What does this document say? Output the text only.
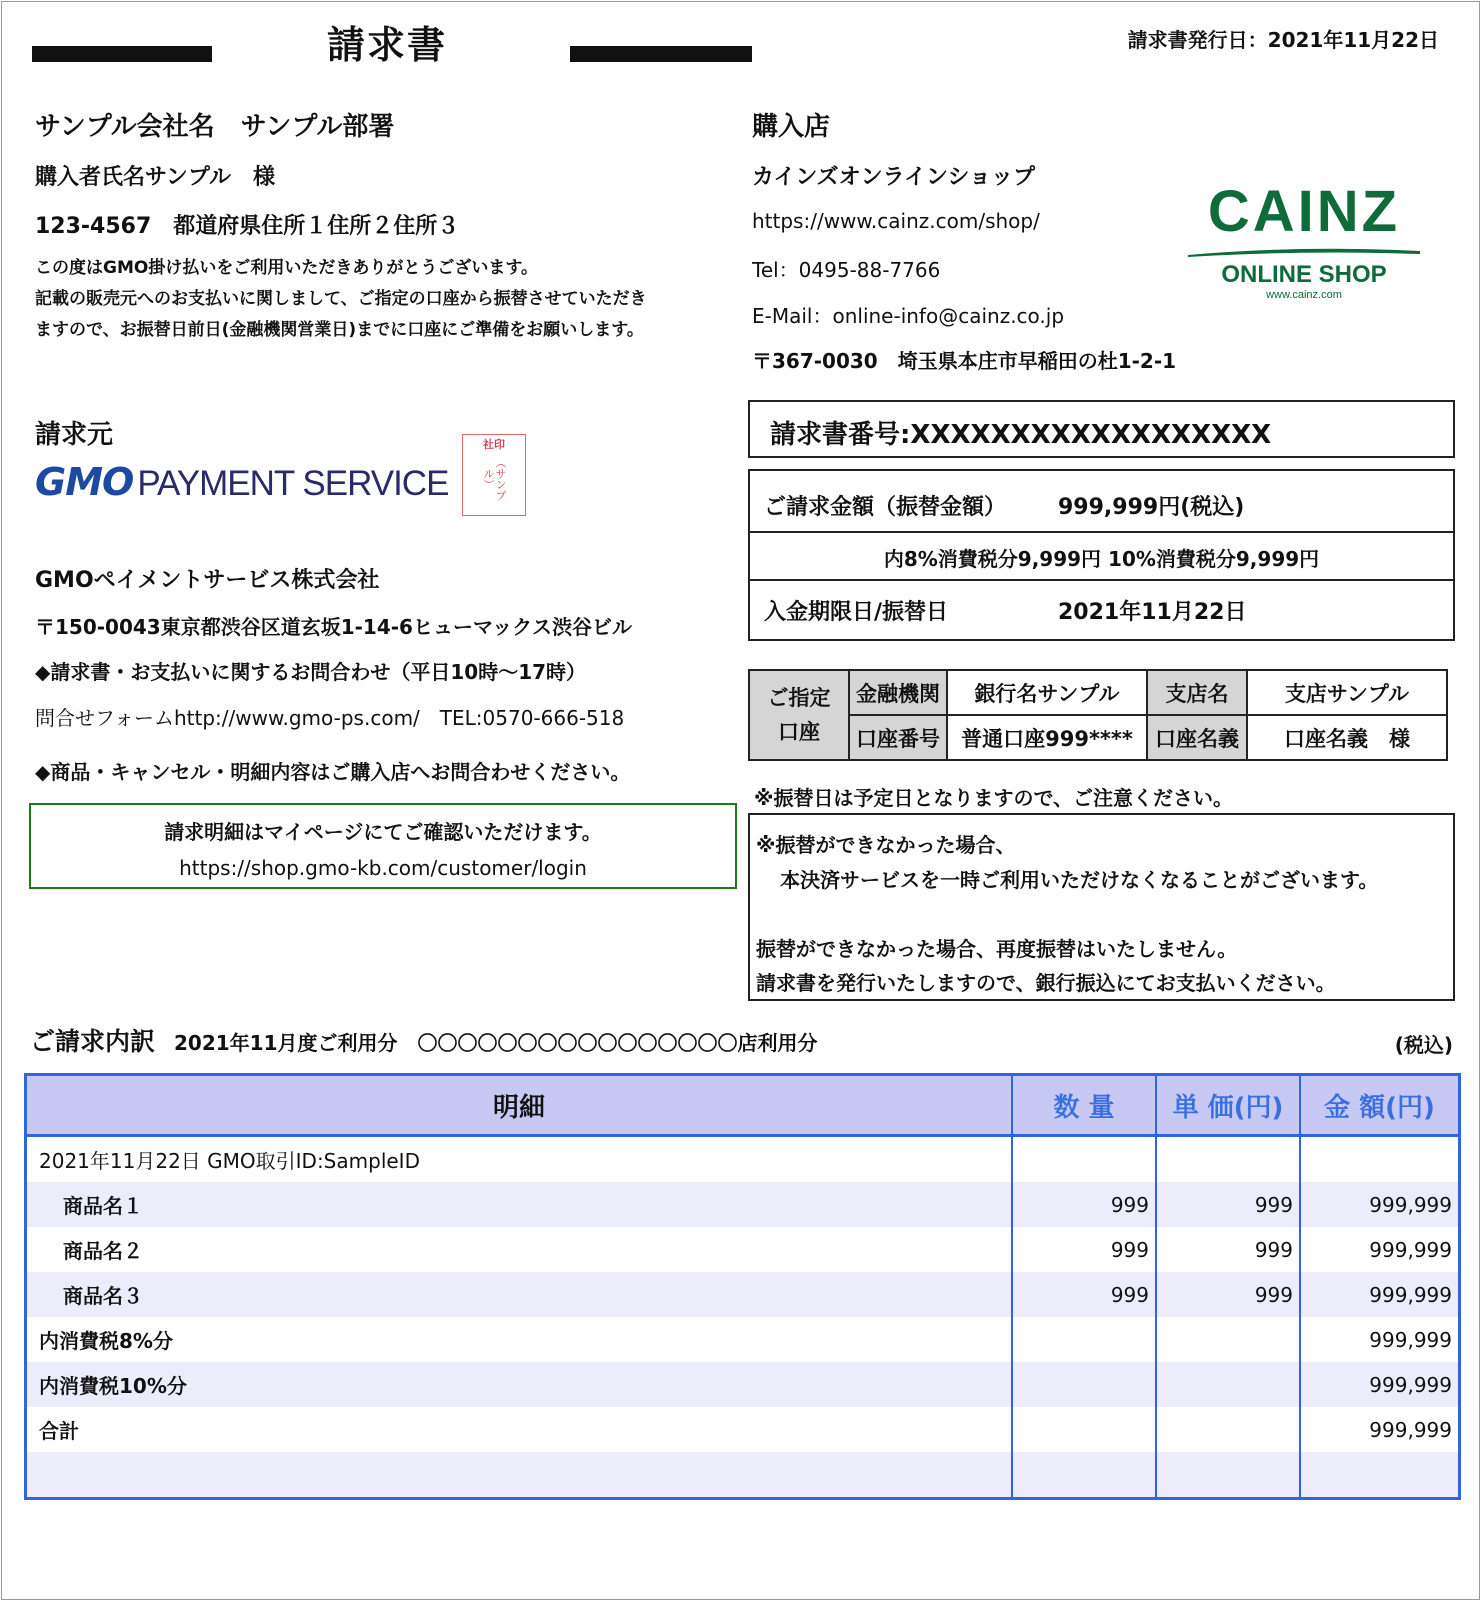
請求書	請求書発行日：2021年11月22日
サンプル会社名　サンプル部署
購入者氏名サンプル　様
123-4567　都道府県住所１住所２住所３
この度はGMO掛け払いをご利用いただきありがとうございます。
記載の販売元へのお支払いに関しまして、ご指定の口座から振替させていただき
ますので、お振替日前日(金融機関営業日)までに口座にご準備をお願いします。
購入店
カインズオンラインショップ
https://www.cainz.com/shop/
Tel：0495-88-7766
E-Mail：online-info@cainz.co.jp
〒367-0030　埼玉県本庄市早稲田の杜1-2-1
CAINZ
ONLINE SHOP
www.cainz.com
請求元
GMO PAYMENT SERVICE
社印
（サンプル）
GMOペイメントサービス株式会社
〒150-0043東京都渋谷区道玄坂1-14-6ヒューマックス渋谷ビル
◆請求書・お支払いに関するお問合わせ（平日10時〜17時）
問合せフォームhttp://www.gmo-ps.com/　TEL:0570-666-518
◆商品・キャンセル・明細内容はご購入店へお問合わせください。
請求明細はマイページにてご確認いただけます。
https://shop.gmo-kb.com/customer/login
請求書番号:XXXXXXXXXXXXXXXXXX
ご請求金額（振替金額） 999,999円(税込)
内8%消費税分9,999円 10%消費税分9,999円
入金期限日/振替日	2021年11月22日
ご指定
口座	金融機関	銀行名サンプル	支店名	支店サンプル
	口座番号	普通口座999****	口座名義	口座名義　様
※振替日は予定日となりますので、ご注意ください。
※振替ができなかった場合、
本決済サービスを一時ご利用いただけなくなることがございます。
振替ができなかった場合、再度振替はいたしません。
請求書を発行いたしますので、銀行振込にてお支払いください。
ご請求内訳 2021年11月度ご利用分　〇〇〇〇〇〇〇〇〇〇〇〇〇〇〇〇店利用分	(税込)
明細	数 量	単 価(円)	金 額(円)
2021年11月22日 GMO取引ID:SampleID			
商品名１	999	999	999,999
商品名２	999	999	999,999
商品名３	999	999	999,999
内消費税8%分			999,999
内消費税10%分			999,999
合計			999,999
